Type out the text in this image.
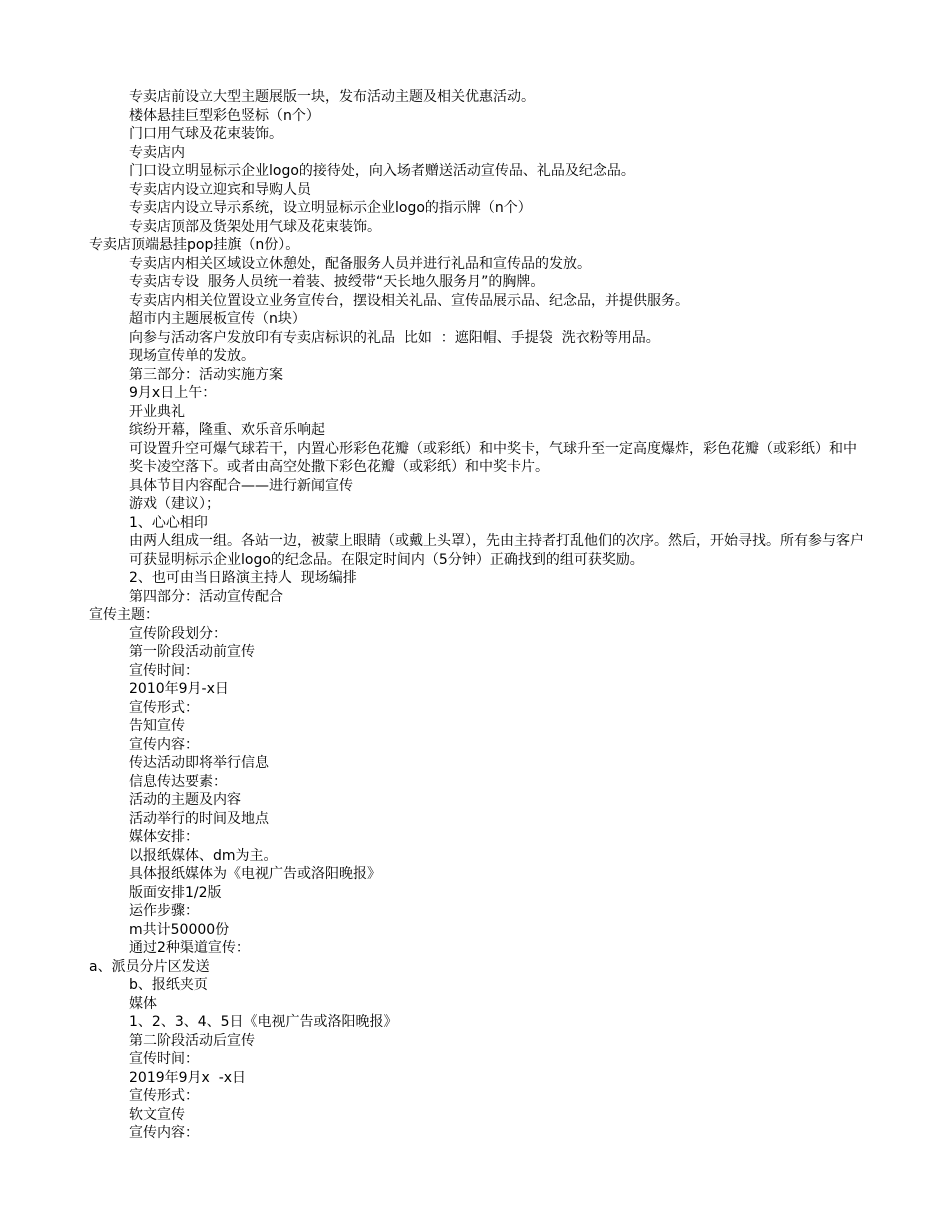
专卖店前设立大型主题展版一块，发布活动主题及相关优惠活动。

楼体悬挂巨型彩色竖标（n个）

门口用气球及花束装饰。

专卖店内

门口设立明显标示企业logo的接待处，向入场者赠送活动宣传品、礼品及纪念品。

专卖店内设立迎宾和导购人员

专卖店内设立导示系统，设立明显标示企业logo的指示牌（n个）

专卖店顶部及货架处用气球及花束装饰。

专卖店顶端悬挂pop挂旗（n份）。

专卖店内相关区域设立休憩处，配备服务人员并进行礼品和宣传品的发放。

专卖店专设  服务人员统一着装、披绶带“天长地久服务月”的胸牌。

专卖店内相关位置设立业务宣传台，摆设相关礼品、宣传品展示品、纪念品，并提供服务。

超市内主题展板宣传（n块）

向参与活动客户发放印有专卖店标识的礼品  比如  ：遮阳帽、手提袋  洗衣粉等用品。

现场宣传单的发放。

第三部分：活动实施方案

9月x日上午：

开业典礼

缤纷开幕，隆重、欢乐音乐响起

可设置升空可爆气球若干，内置心形彩色花瓣（或彩纸）和中奖卡，气球升至一定高度爆炸，彩色花瓣（或彩纸）和中奖卡凌空落下。或者由高空处撒下彩色花瓣（或彩纸）和中奖卡片。

具体节目内容配合——进行新闻宣传

游戏（建议）；

1、心心相印

由两人组成一组。各站一边，被蒙上眼睛（或戴上头罩），先由主持者打乱他们的次序。然后，开始寻找。所有参与客户可获显明标示企业logo的纪念品。在限定时间内（5分钟）正确找到的组可获奖励。

2、也可由当日路演主持人  现场编排

第四部分：活动宣传配合

宣传主题：

宣传阶段划分：

第一阶段活动前宣传

宣传时间：

2010年9月-x日

宣传形式：

告知宣传

宣传内容：

传达活动即将举行信息

信息传达要素：

活动的主题及内容

活动举行的时间及地点

媒体安排：

以报纸媒体、dm为主。

具体报纸媒体为《电视广告或洛阳晚报》

版面安排1/2版

运作步骤：

m共计50000份

通过2种渠道宣传：

a、派员分片区发送

b、报纸夹页

媒体

1、2、3、4、5日《电视广告或洛阳晚报》

第二阶段活动后宣传

宣传时间：

2019年9月x  -x日

宣传形式：

软文宣传

宣传内容：
